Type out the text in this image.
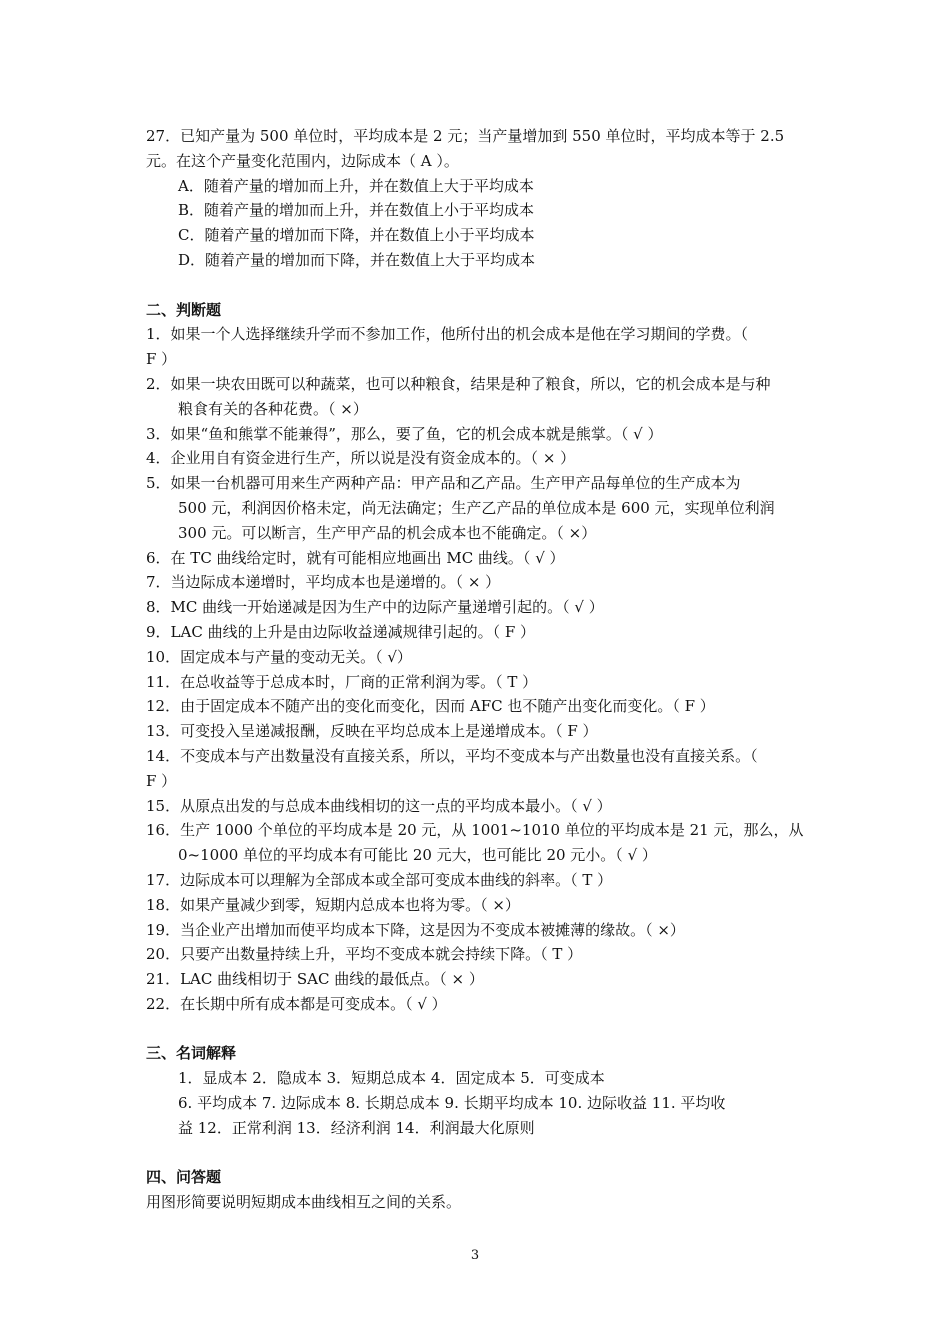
27．已知产量为 500 单位时，平均成本是 2 元；当产量增加到 550 单位时，平均成本等于 2.5
元。在这个产量变化范围内，边际成本（ A ）。
A．随着产量的增加而上升，并在数值上大于平均成本
B．随着产量的增加而上升，并在数值上小于平均成本
C．随着产量的增加而下降，并在数值上小于平均成本
D．随着产量的增加而下降，并在数值上大于平均成本
二、判断题
1．如果一个人选择继续升学而不参加工作，他所付出的机会成本是他在学习期间的学费。（
F ）
2．如果一块农田既可以种蔬菜，也可以种粮食，结果是种了粮食，所以，它的机会成本是与种
粮食有关的各种花费。（ ×）
3．如果“鱼和熊掌不能兼得”，那么，要了鱼，它的机会成本就是熊掌。（ √ ）
4．企业用自有资金进行生产，所以说是没有资金成本的。（ × ）
5．如果一台机器可用来生产两种产品：甲产品和乙产品。生产甲产品每单位的生产成本为
500 元，利润因价格未定，尚无法确定；生产乙产品的单位成本是 600 元，实现单位利润
300 元。可以断言，生产甲产品的机会成本也不能确定。（ ×）
6．在 TC 曲线给定时，就有可能相应地画出 MC 曲线。（ √ ）
7．当边际成本递增时，平均成本也是递增的。（ × ）
8．MC 曲线一开始递减是因为生产中的边际产量递增引起的。（ √ ）
9．LAC 曲线的上升是由边际收益递减规律引起的。（ F ）
10．固定成本与产量的变动无关。（ √）
11．在总收益等于总成本时，厂商的正常利润为零。（ T ）
12．由于固定成本不随产出的变化而变化，因而 AFC 也不随产出变化而变化。（ F ）
13．可变投入呈递减报酬，反映在平均总成本上是递增成本。（ F ）
14．不变成本与产出数量没有直接关系，所以，平均不变成本与产出数量也没有直接关系。（
F ）
15．从原点出发的与总成本曲线相切的这一点的平均成本最小。（ √ ）
16．生产 1000 个单位的平均成本是 20 元，从 1001~1010 单位的平均成本是 21 元，那么，从
0~1000 单位的平均成本有可能比 20 元大，也可能比 20 元小。（ √ ）
17．边际成本可以理解为全部成本或全部可变成本曲线的斜率。（ T ）
18．如果产量减少到零，短期内总成本也将为零。（ ×）
19．当企业产出增加而使平均成本下降，这是因为不变成本被摊薄的缘故。（ ×）
20．只要产出数量持续上升，平均不变成本就会持续下降。（ T ）
21．LAC 曲线相切于 SAC 曲线的最低点。（ × ）
22．在长期中所有成本都是可变成本。（ √ ）
三、名词解释
1．显成本 2．隐成本 3．短期总成本 4．固定成本 5．可变成本
6. 平均成本 7. 边际成本 8. 长期总成本 9. 长期平均成本 10. 边际收益 11. 平均收
益 12．正常利润 13．经济利润 14．利润最大化原则
四、问答题
用图形简要说明短期成本曲线相互之间的关系。
3
